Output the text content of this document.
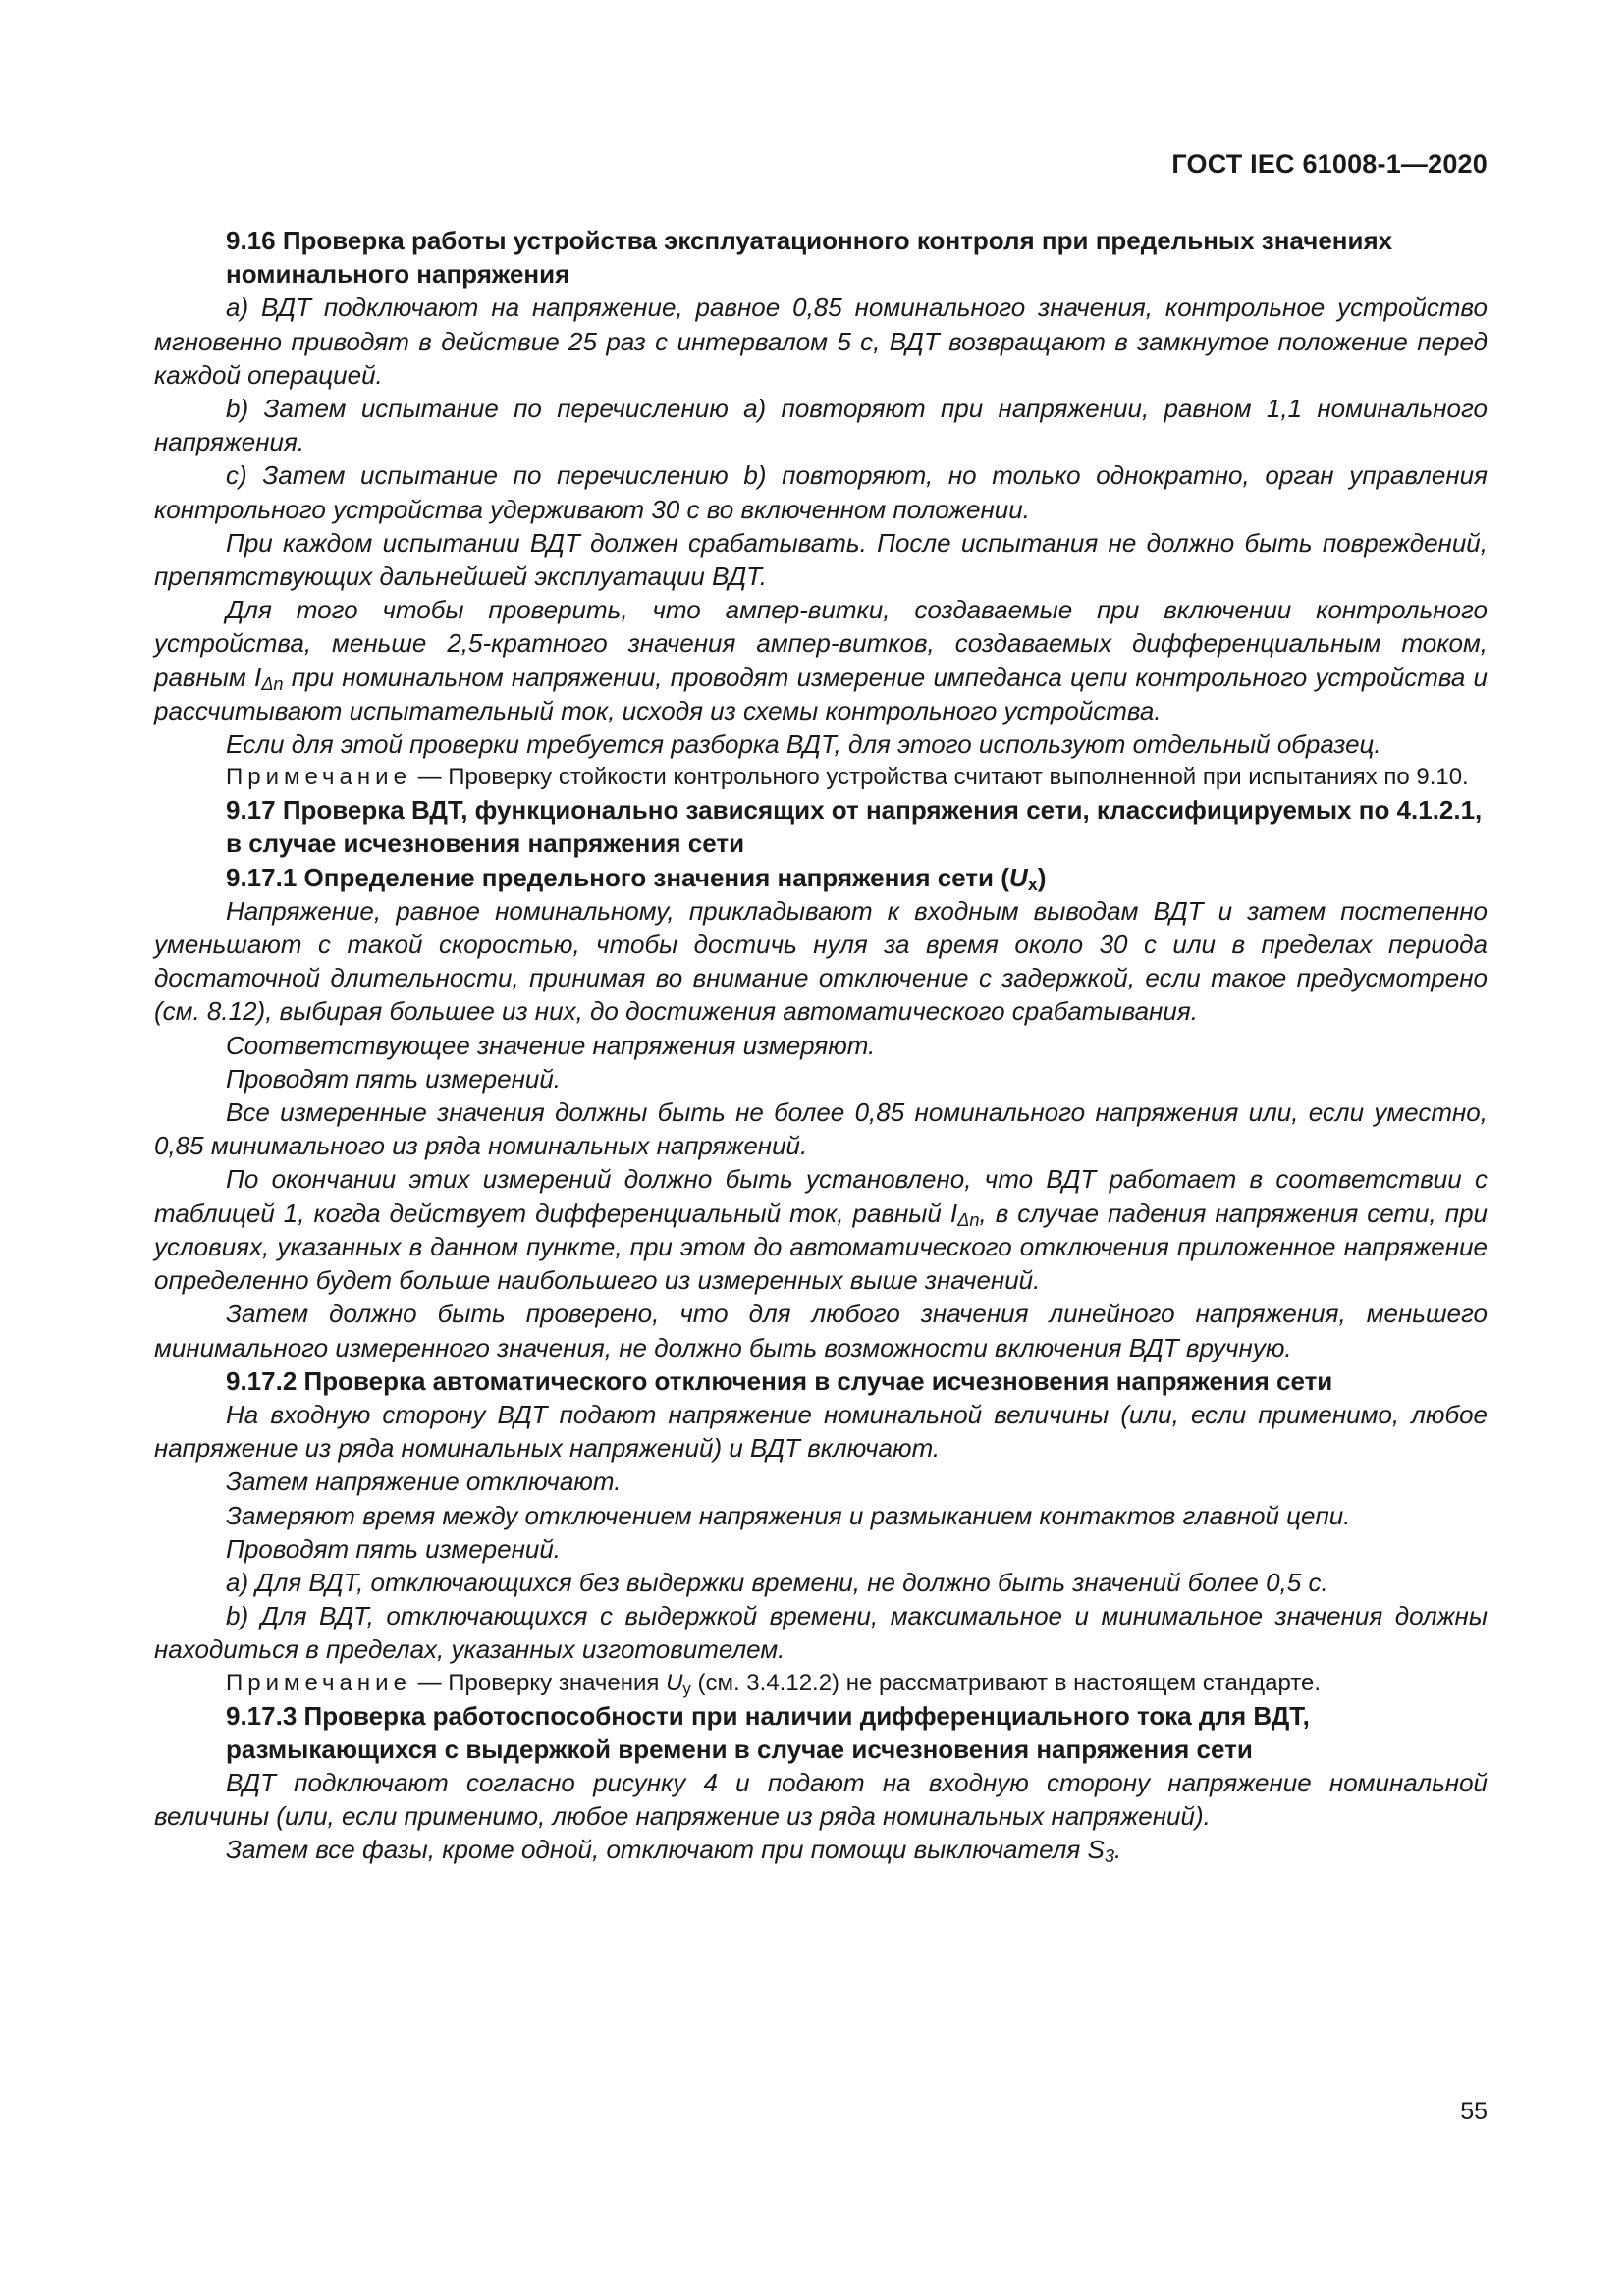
ГОСТ IEC 61008-1—2020

9.16 Проверка работы устройства эксплуатационного контроля при предельных значениях номинального напряжения

а) ВДТ подключают на напряжение, равное 0,85 номинального значения, контрольное устройство мгновенно приводят в действие 25 раз с интервалом 5 с, ВДТ возвращают в замкнутое положение перед каждой операцией.

b) Затем испытание по перечислению а) повторяют при напряжении, равном 1,1 номинального напряжения.

с) Затем испытание по перечислению b) повторяют, но только однократно, орган управления контрольного устройства удерживают 30 с во включенном положении.

При каждом испытании ВДТ должен срабатывать. После испытания не должно быть повреждений, препятствующих дальнейшей эксплуатации ВДТ.

Для того чтобы проверить, что ампер-витки, создаваемые при включении контрольного устройства, меньше 2,5-кратного значения ампер-витков, создаваемых дифференциальным током, равным $I_{\Delta n}$ при номинальном напряжении, проводят измерение импеданса цепи контрольного устройства и рассчитывают испытательный ток, исходя из схемы контрольного устройства.

Если для этой проверки требуется разборка ВДТ, для этого используют отдельный образец.

Примечание — Проверку стойкости контрольного устройства считают выполненной при испытаниях по 9.10.

9.17 Проверка ВДТ, функционально зависящих от напряжения сети, классифицируемых по 4.1.2.1, в случае исчезновения напряжения сети

9.17.1 Определение предельного значения напряжения сети $(U_x)$

Напряжение, равное номинальному, прикладывают к входным выводам ВДТ и затем постепенно уменьшают с такой скоростью, чтобы достичь нуля за время около 30 с или в пределах периода достаточной длительности, принимая во внимание отключение с задержкой, если такое предусмотрено (см. 8.12), выбирая большее из них, до достижения автоматического срабатывания.

Соответствующее значение напряжения измеряют.

Проводят пять измерений.

Все измеренные значения должны быть не более 0,85 номинального напряжения или, если уместно, 0,85 минимального из ряда номинальных напряжений.

По окончании этих измерений должно быть установлено, что ВДТ работает в соответствии с таблицей 1, когда действует дифференциальный ток, равный $I_{\Delta n}$, в случае падения напряжения сети, при условиях, указанных в данном пункте, при этом до автоматического отключения приложенное напряжение определенно будет больше наибольшего из измеренных выше значений.

Затем должно быть проверено, что для любого значения линейного напряжения, меньшего минимального измеренного значения, не должно быть возможности включения ВДТ вручную.

9.17.2 Проверка автоматического отключения в случае исчезновения напряжения сети

На входную сторону ВДТ подают напряжение номинальной величины (или, если применимо, любое напряжение из ряда номинальных напряжений) и ВДТ включают.

Затем напряжение отключают.

Замеряют время между отключением напряжения и размыканием контактов главной цепи.

Проводят пять измерений.

а) Для ВДТ, отключающихся без выдержки времени, не должно быть значений более 0,5 с.

b) Для ВДТ, отключающихся с выдержкой времени, максимальное и минимальное значения должны находиться в пределах, указанных изготовителем.

Примечание — Проверку значения $U_y$ (см. 3.4.12.2) не рассматривают в настоящем стандарте.

9.17.3 Проверка работоспособности при наличии дифференциального тока для ВДТ, размыкающихся с выдержкой времени в случае исчезновения напряжения сети

ВДТ подключают согласно рисунку 4 и подают на входную сторону напряжение номинальной величины (или, если применимо, любое напряжение из ряда номинальных напряжений).

Затем все фазы, кроме одной, отключают при помощи выключателя $S_3$.

55
